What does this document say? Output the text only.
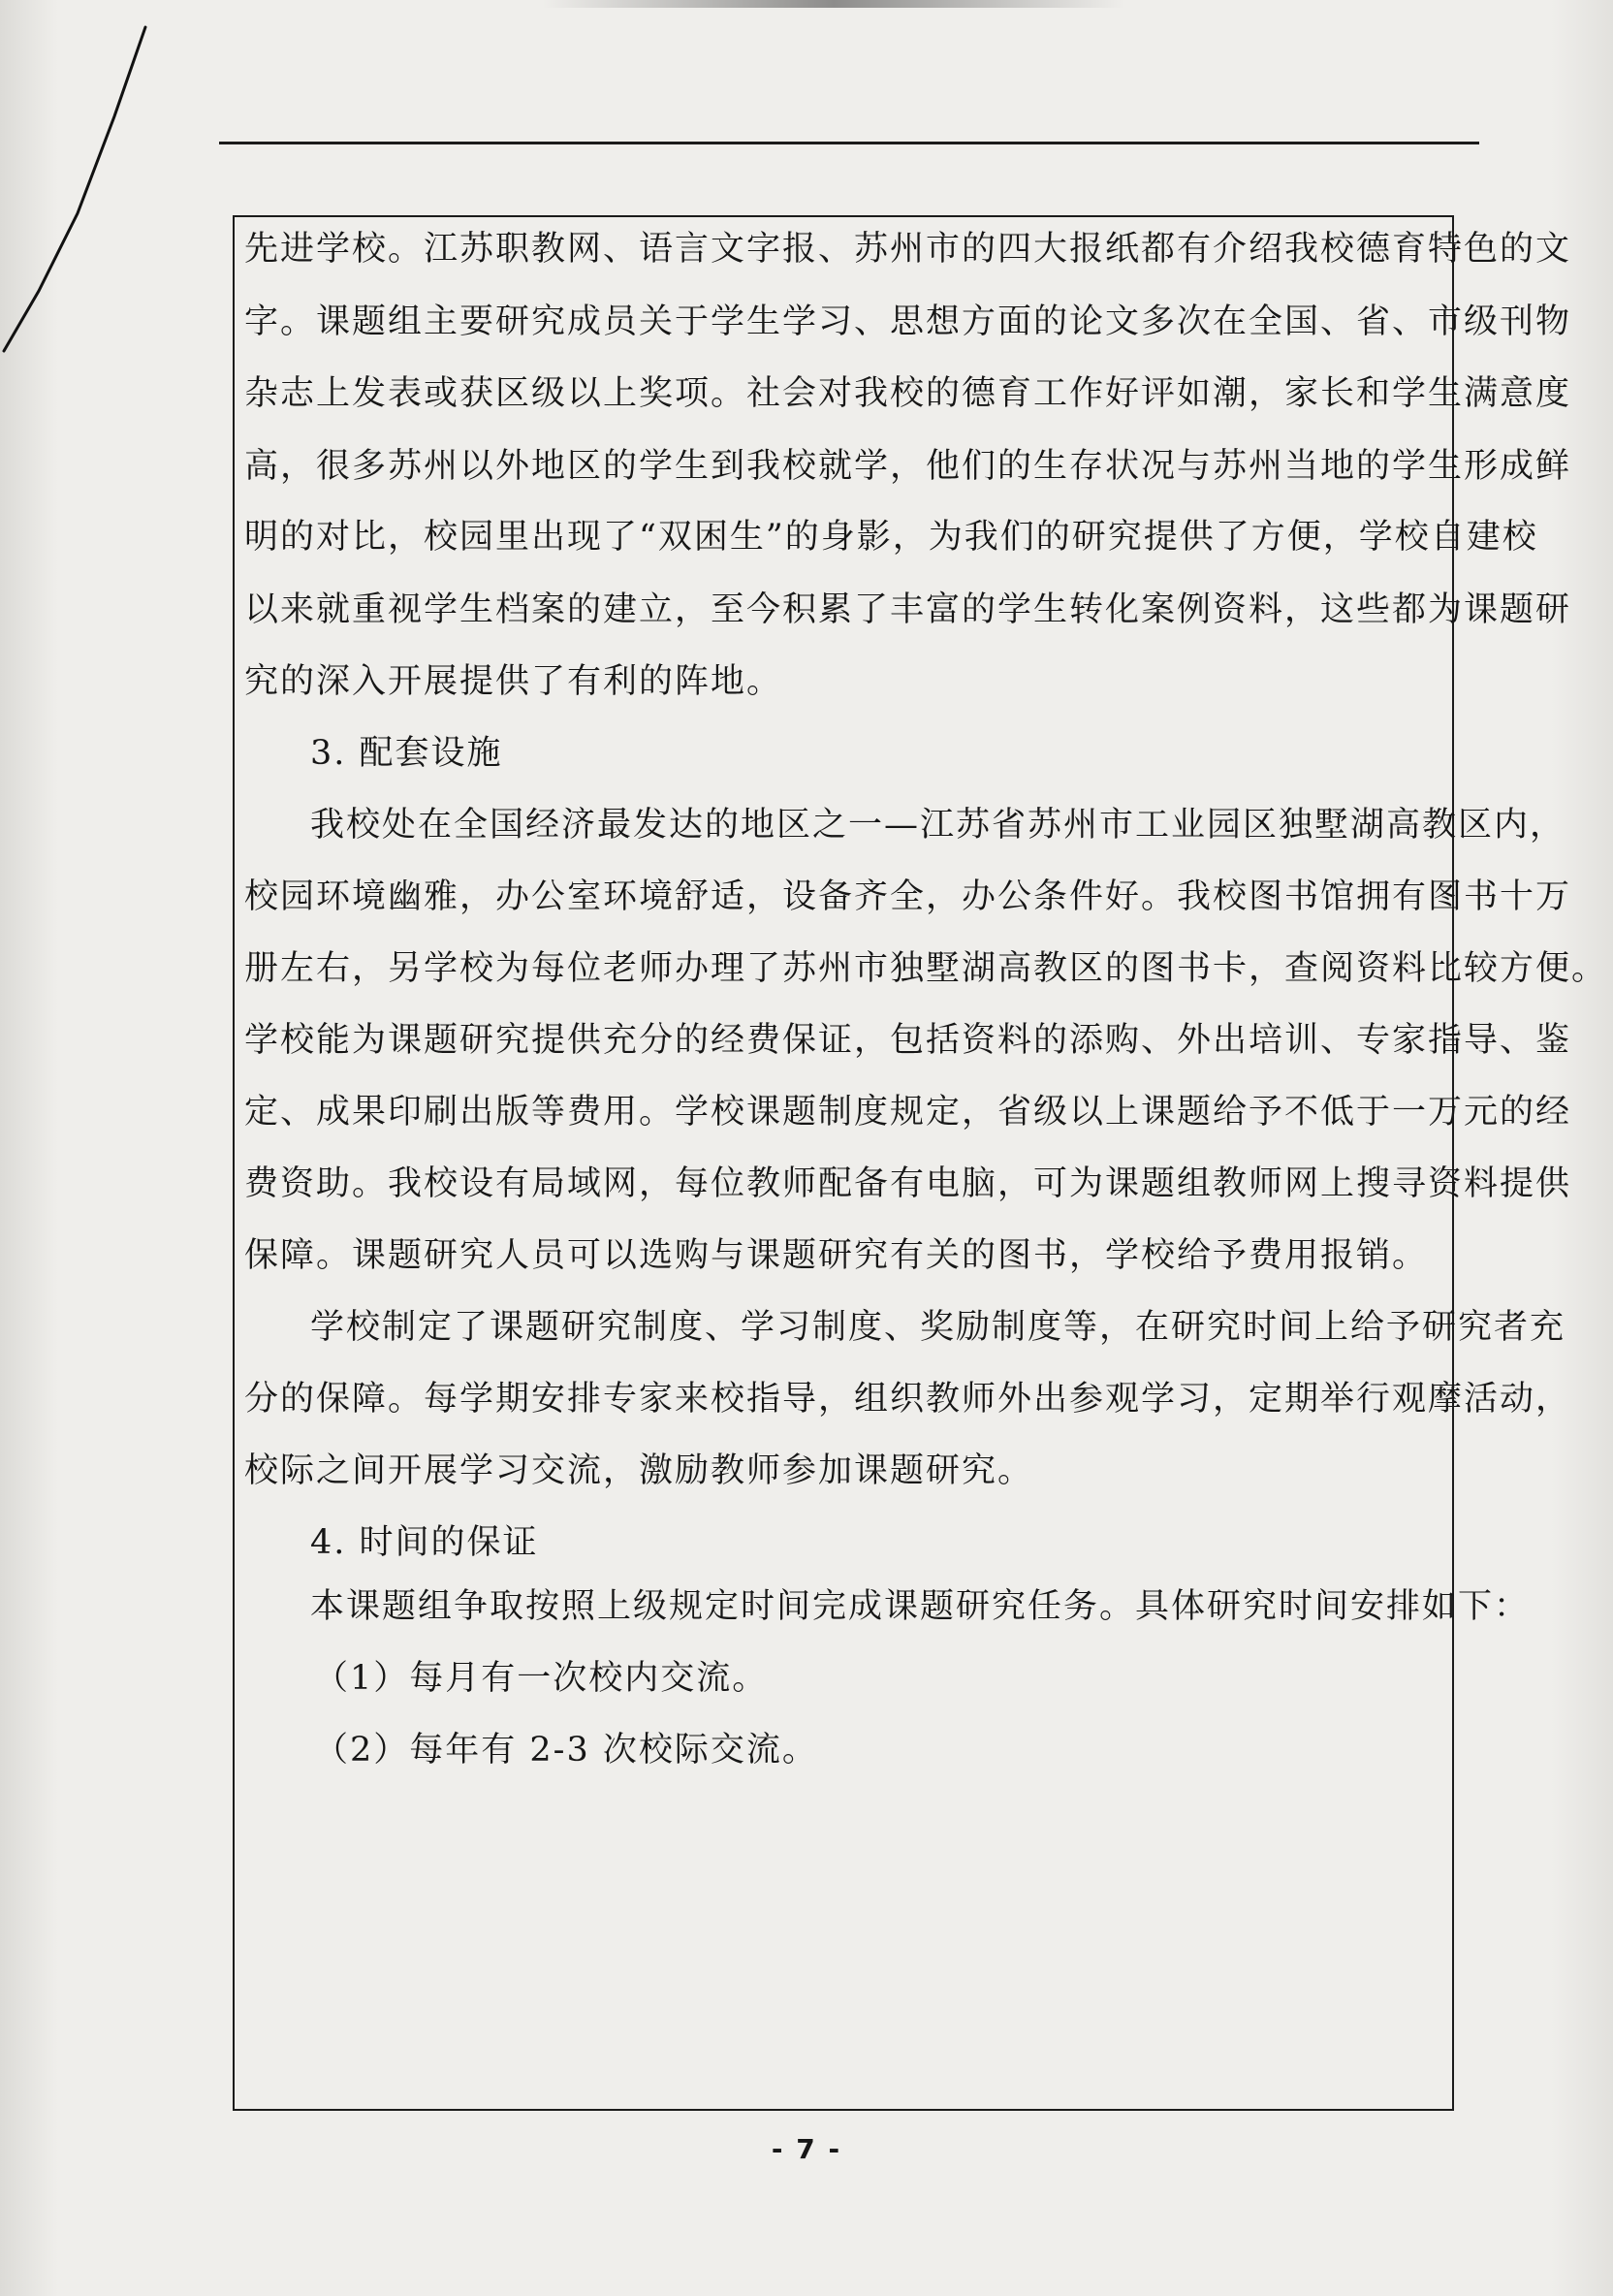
先进学校。江苏职教网、语言文字报、苏州市的四大报纸都有介绍我校德育特色的文
字。课题组主要研究成员关于学生学习、思想方面的论文多次在全国、省、市级刊物
杂志上发表或获区级以上奖项。社会对我校的德育工作好评如潮，家长和学生满意度
高，很多苏州以外地区的学生到我校就学，他们的生存状况与苏州当地的学生形成鲜
明的对比，校园里出现了“双困生”的身影，为我们的研究提供了方便，学校自建校
以来就重视学生档案的建立，至今积累了丰富的学生转化案例资料，这些都为课题研
究的深入开展提供了有利的阵地。
3. 配套设施
我校处在全国经济最发达的地区之一—江苏省苏州市工业园区独墅湖高教区内，
校园环境幽雅，办公室环境舒适，设备齐全，办公条件好。我校图书馆拥有图书十万
册左右，另学校为每位老师办理了苏州市独墅湖高教区的图书卡，查阅资料比较方便。
学校能为课题研究提供充分的经费保证，包括资料的添购、外出培训、专家指导、鉴
定、成果印刷出版等费用。学校课题制度规定，省级以上课题给予不低于一万元的经
费资助。我校设有局域网，每位教师配备有电脑，可为课题组教师网上搜寻资料提供
保障。课题研究人员可以选购与课题研究有关的图书，学校给予费用报销。
学校制定了课题研究制度、学习制度、奖励制度等，在研究时间上给予研究者充
分的保障。每学期安排专家来校指导，组织教师外出参观学习，定期举行观摩活动，
校际之间开展学习交流，激励教师参加课题研究。
4. 时间的保证
本课题组争取按照上级规定时间完成课题研究任务。具体研究时间安排如下：
（1）每月有一次校内交流。
（2）每年有 2-3 次校际交流。
- 7 -
